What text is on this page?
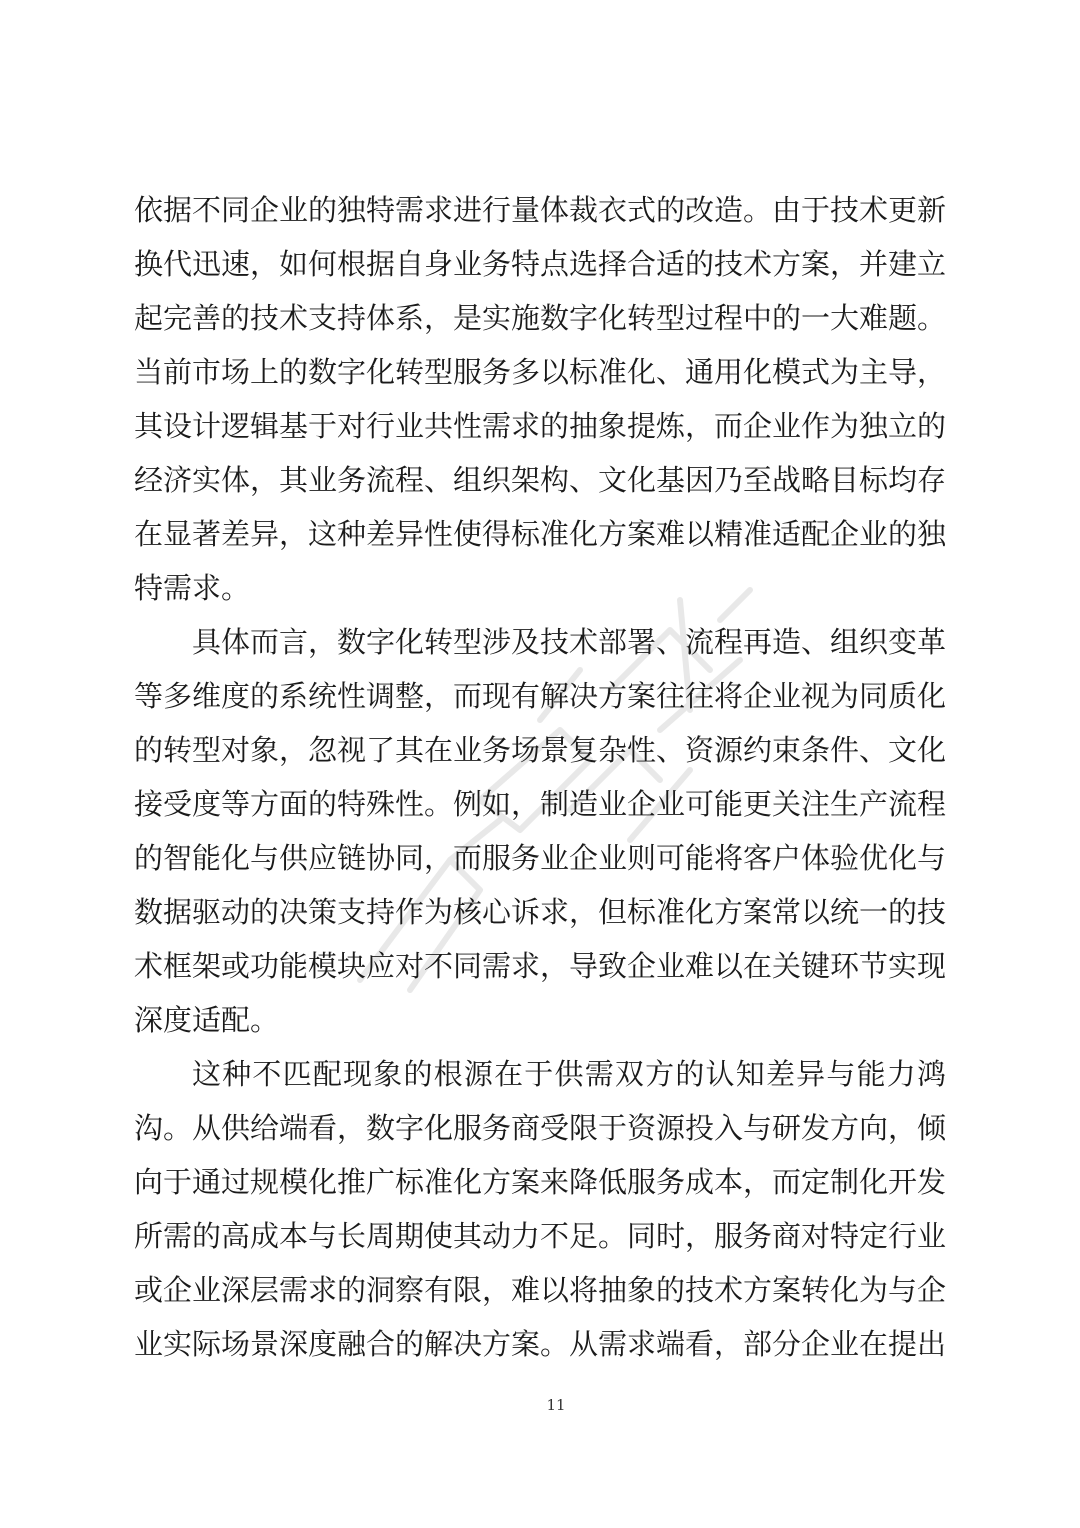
依据不同企业的独特需求进行量体裁衣式的改造。由于技术更新
换代迅速，如何根据自身业务特点选择合适的技术方案，并建立
起完善的技术支持体系，是实施数字化转型过程中的一大难题。
当前市场上的数字化转型服务多以标准化、通用化模式为主导，
其设计逻辑基于对行业共性需求的抽象提炼，而企业作为独立的
经济实体，其业务流程、组织架构、文化基因乃至战略目标均存
在显著差异，这种差异性使得标准化方案难以精准适配企业的独
特需求。
具体而言，数字化转型涉及技术部署、流程再造、组织变革
等多维度的系统性调整，而现有解决方案往往将企业视为同质化
的转型对象，忽视了其在业务场景复杂性、资源约束条件、文化
接受度等方面的特殊性。例如，制造业企业可能更关注生产流程
的智能化与供应链协同，而服务业企业则可能将客户体验优化与
数据驱动的决策支持作为核心诉求，但标准化方案常以统一的技
术框架或功能模块应对不同需求，导致企业难以在关键环节实现
深度适配。
这种不匹配现象的根源在于供需双方的认知差异与能力鸿
沟。从供给端看，数字化服务商受限于资源投入与研发方向，倾
向于通过规模化推广标准化方案来降低服务成本，而定制化开发
所需的高成本与长周期使其动力不足。同时，服务商对特定行业
或企业深层需求的洞察有限，难以将抽象的技术方案转化为与企
业实际场景深度融合的解决方案。从需求端看，部分企业在提出
11
